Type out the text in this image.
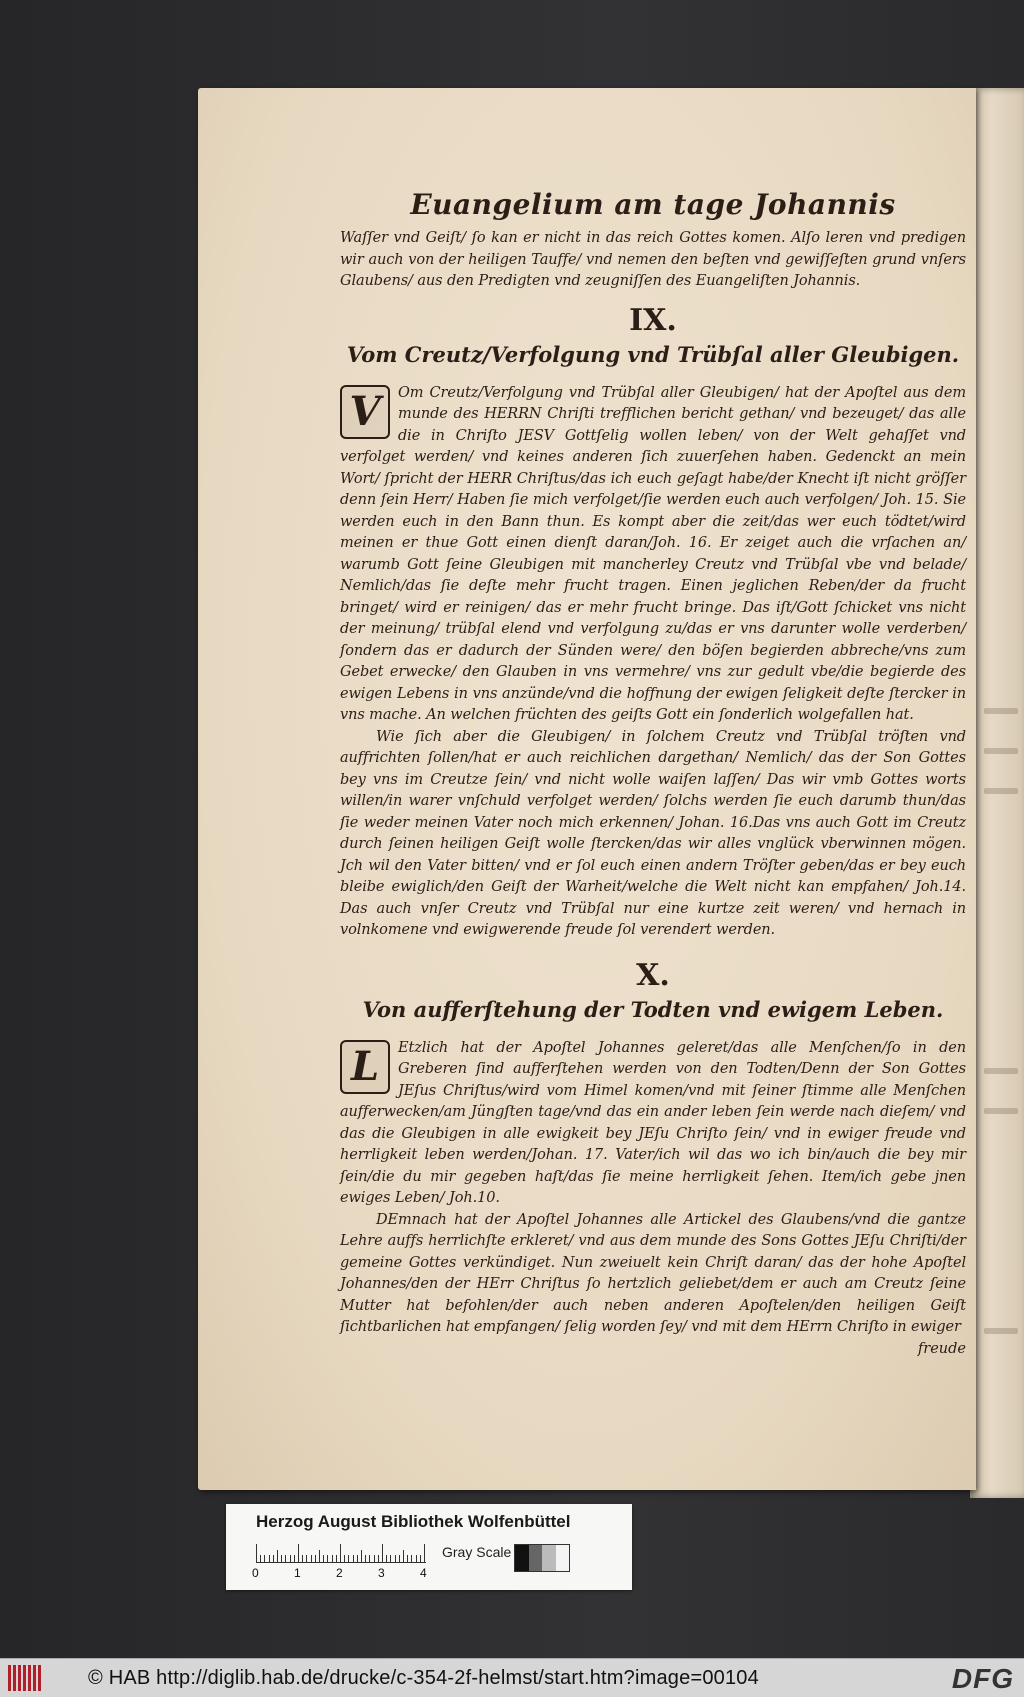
Euangelium am tage Johannis

Waſſer vnd Geiſt/ ſo kan er nicht in das reich Gottes komen. Alſo leren vnd predigen wir auch von der heiligen Tauffe/ vnd nemen den beſten vnd gewiſſeſten grund vnſers Glaubens/ aus den Predigten vnd zeugniſſen des Euangeliſten Johannis.

IX.
Vom Creutz/Verfolgung vnd Trübſal aller Gleubigen.
V	Om Creutz/Verfolgung vnd Trübſal aller Gleubigen/ hat der Apoſtel aus dem munde des HERRN Chriſti trefflichen bericht gethan/ vnd bezeuget/ das alle die in Chriſto JESV Gottſelig wollen leben/ von der Welt gehaſſet vnd verfolget werden/ vnd keines anderen ſich zuuerſehen haben. Gedenckt an mein Wort/ ſpricht der HERR Chriſtus/das ich euch geſagt habe/der Knecht iſt nicht gröſſer denn ſein Herr/ Haben ſie mich verfolget/ſie werden euch auch verfolgen/ Joh. 15. Sie werden euch in den Bann thun. Es kompt aber die zeit/das wer euch tödtet/wird meinen er thue Gott einen dienſt daran/Joh. 16. Er zeiget auch die vrſachen an/ warumb Gott ſeine Gleubigen mit mancherley Creutz vnd Trübſal vbe vnd belade/ Nemlich/das ſie deſte mehr frucht tragen. Einen jeglichen Reben/der da frucht bringet/ wird er reinigen/ das er mehr frucht bringe. Das iſt/Gott ſchicket vns nicht der meinung/ trübſal elend vnd verfolgung zu/das er vns darunter wolle verderben/ſondern das er dadurch der Sünden were/ den böſen begierden abbreche/vns zum Gebet erwecke/ den Glauben in vns vermehre/ vns zur gedult vbe/die begierde des ewigen Lebens in vns anzünde/vnd die hoffnung der ewigen ſeligkeit deſte ſtercker in vns mache. An welchen früchten des geiſts Gott ein ſonderlich wolgefallen hat.

Wie ſich aber die Gleubigen/ in ſolchem Creutz vnd Trübſal tröſten vnd auffrichten ſollen/hat er auch reichlichen dargethan/ Nemlich/ das der Son Gottes bey vns im Creutze ſein/ vnd nicht wolle waiſen laſſen/ Das wir vmb Gottes worts willen/in warer vnſchuld verfolget werden/ ſolchs werden ſie euch darumb thun/das ſie weder meinen Vater noch mich erkennen/ Johan. 16.Das vns auch Gott im Creutz durch ſeinen heiligen Geiſt wolle ſtercken/das wir alles vnglück vberwinnen mögen. Jch wil den Vater bitten/ vnd er ſol euch einen andern Tröſter geben/das er bey euch bleibe ewiglich/den Geiſt der Warheit/welche die Welt nicht kan empfahen/ Joh.14. Das auch vnſer Creutz vnd Trübſal nur eine kurtze zeit weren/ vnd hernach in volnkomene vnd ewigwerende freude ſol verendert werden.

X.
Von aufferſtehung der Todten vnd ewigem Leben.
L	Etzlich hat der Apoſtel Johannes geleret/das alle Menſchen/ſo in den Greberen ſind aufferſtehen werden von den Todten/Denn der Son Gottes JEſus Chriſtus/wird vom Himel komen/vnd mit ſeiner ſtimme alle Menſchen aufferwecken/am Jüngſten tage/vnd das ein ander leben ſein werde nach dieſem/ vnd das die Gleubigen in alle ewigkeit bey JEſu Chriſto ſein/ vnd in ewiger freude vnd herrligkeit leben werden/Johan. 17. Vater/ich wil das wo ich bin/auch die bey mir ſein/die du mir gegeben haſt/das ſie meine herrligkeit ſehen. Item/ich gebe jnen ewiges Leben/ Joh.10.

DEmnach hat der Apoſtel Johannes alle Artickel des Glaubens/vnd die gantze Lehre auffs herrlichſte erkleret/ vnd aus dem munde des Sons Gottes JEſu Chriſti/der gemeine Gottes verkündiget. Nun zweiuelt kein Chriſt daran/ das der hohe Apoſtel Johannes/den der HErr Chriſtus ſo hertzlich geliebet/dem er auch am Creutz ſeine Mutter hat befohlen/der auch neben anderen Apoſtelen/den heiligen Geiſt ſichtbarlichen hat empfangen/ ſelig worden ſey/ vnd mit dem HErrn Chriſto in ewiger

freude
Herzog August Bibliothek Wolfenbüttel
0	1	2	3	4
Gray Scale
© HAB http://diglib.hab.de/drucke/c-354-2f-helmst/start.htm?image=00104	DFG
